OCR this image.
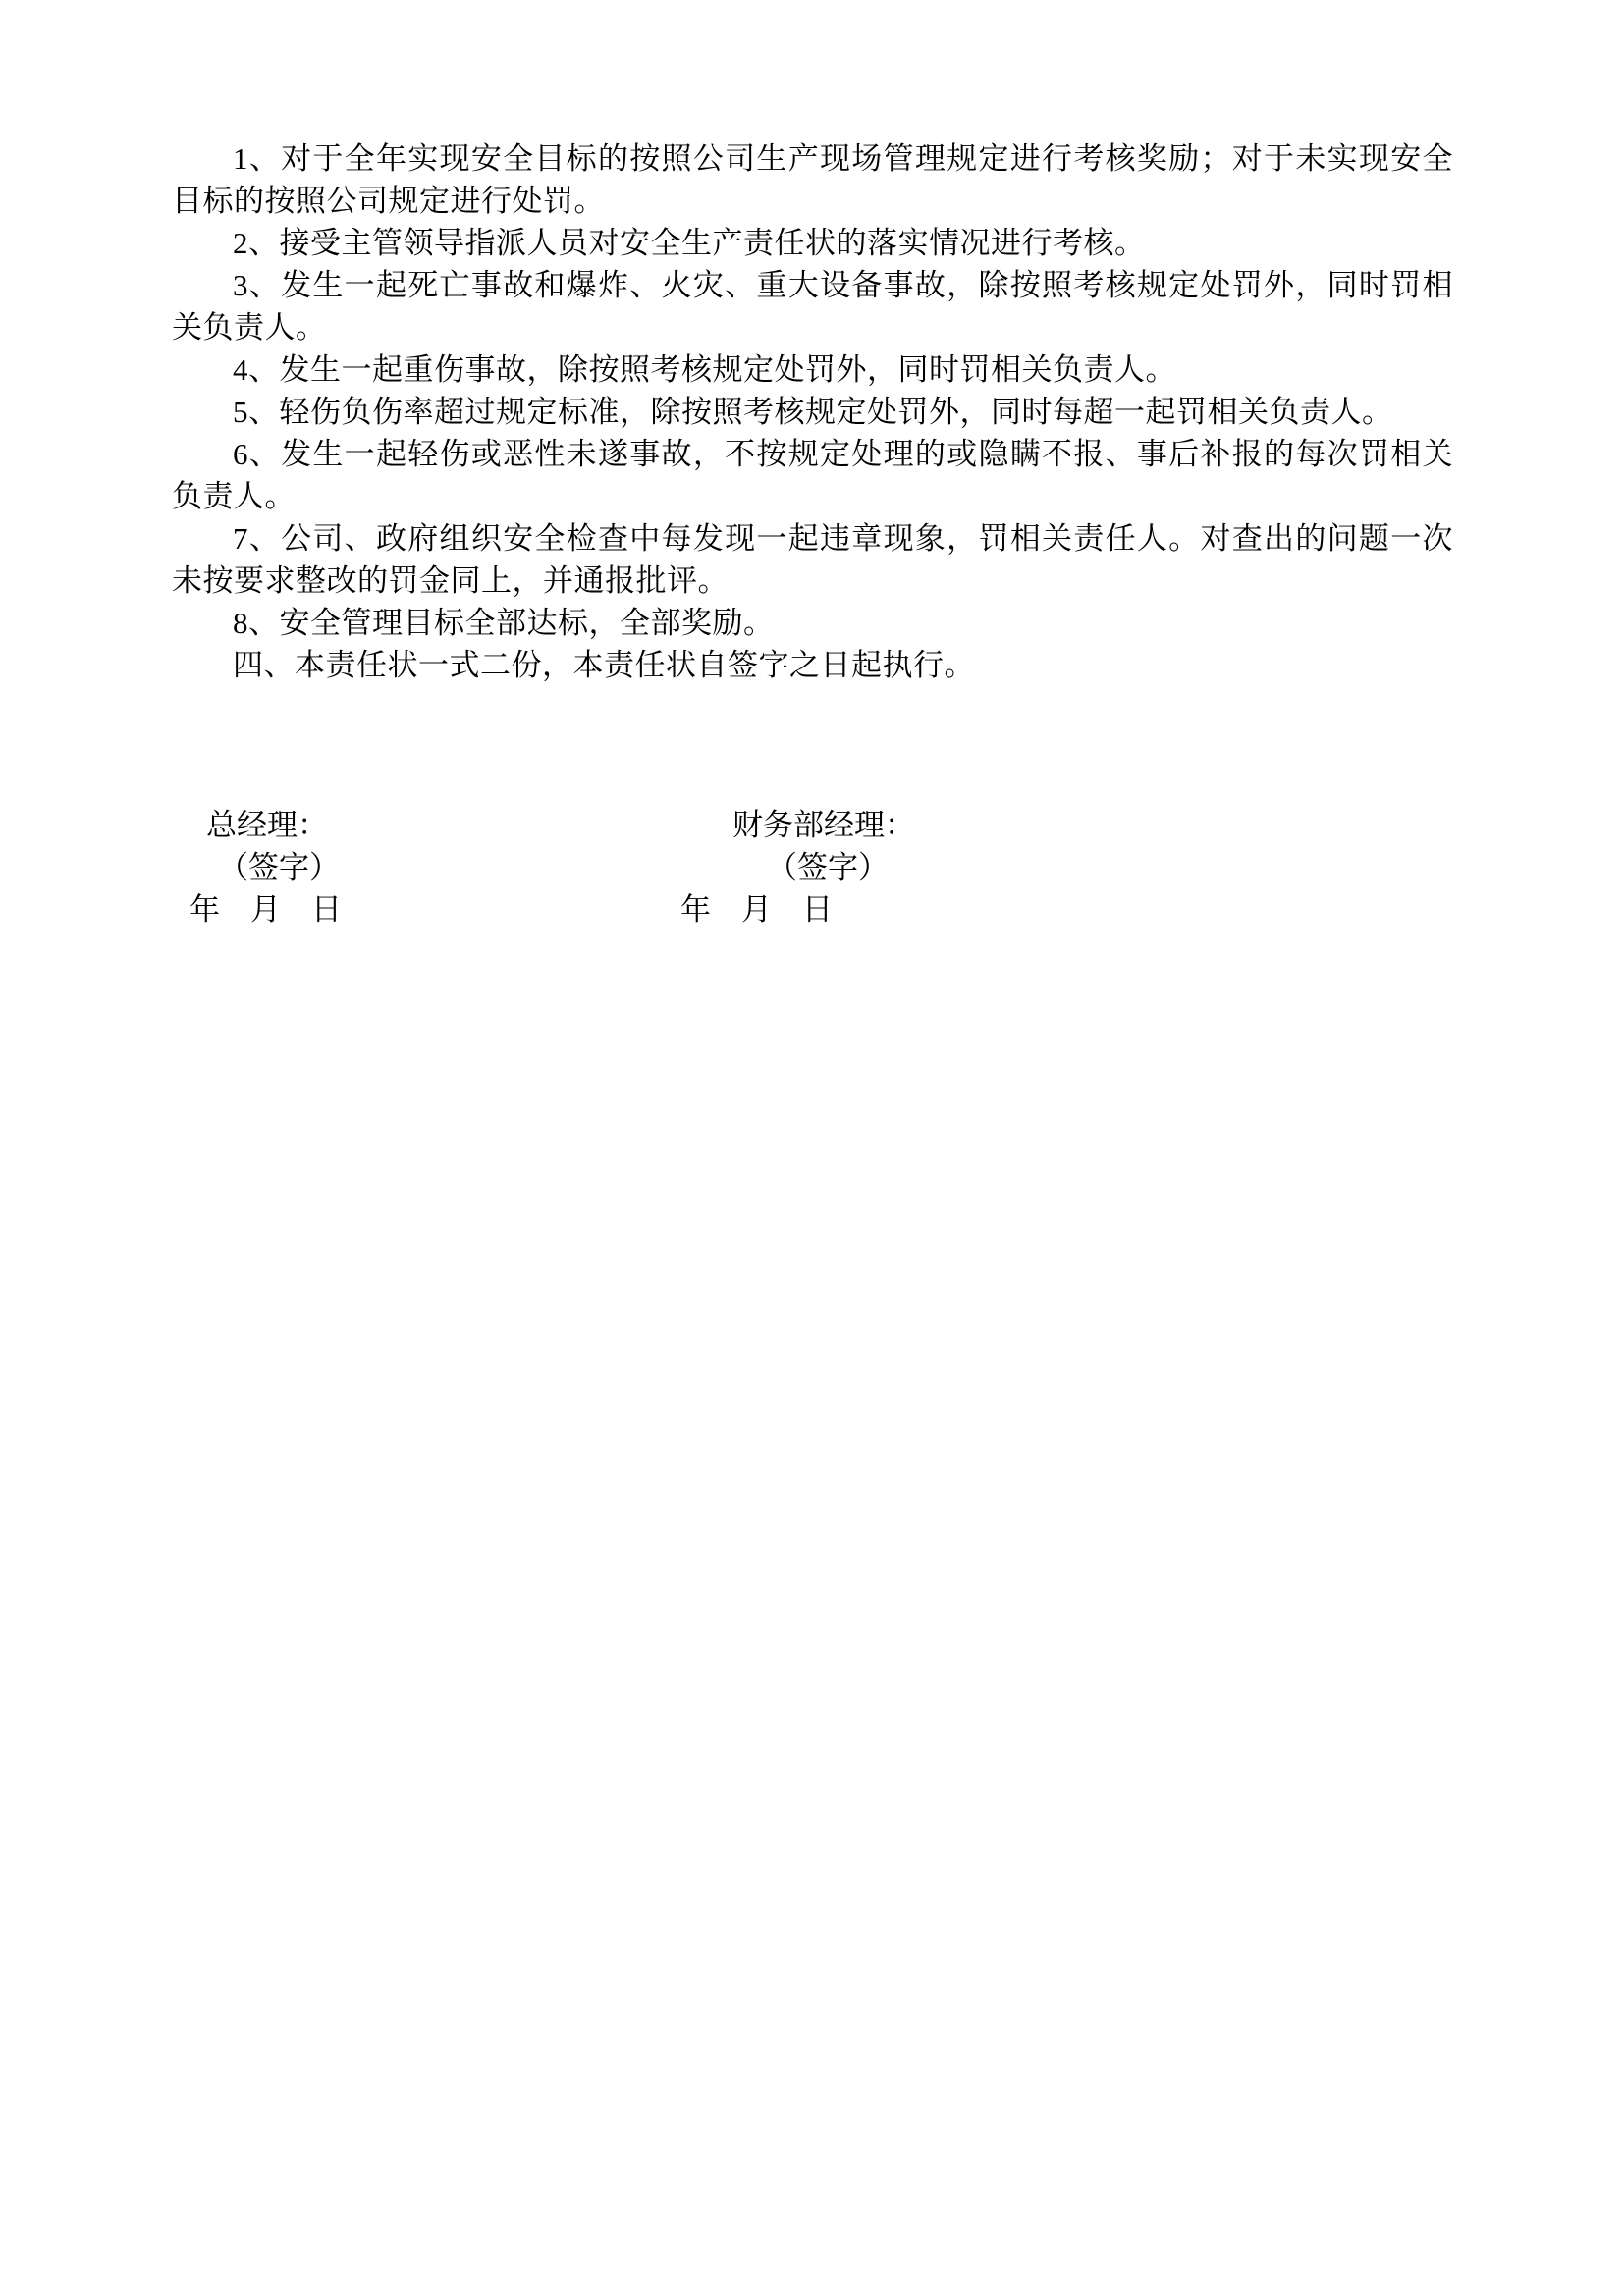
1、对于全年实现安全目标的按照公司生产现场管理规定进行考核奖励；对于未实现安全目标的按照公司规定进行处罚。

2、接受主管领导指派人员对安全生产责任状的落实情况进行考核。

3、发生一起死亡事故和爆炸、火灾、重大设备事故，除按照考核规定处罚外，同时罚相关负责人。

4、发生一起重伤事故，除按照考核规定处罚外，同时罚相关负责人。

5、轻伤负伤率超过规定标准，除按照考核规定处罚外，同时每超一起罚相关负责人。

6、发生一起轻伤或恶性未遂事故，不按规定处理的或隐瞒不报、事后补报的每次罚相关负责人。

7、公司、政府组织安全检查中每发现一起违章现象，罚相关责任人。对查出的问题一次未按要求整改的罚金同上，并通报批评。

8、安全管理目标全部达标，全部奖励。

四、本责任状一式二份，本责任状自签字之日起执行。

总经理：
（签字）
年　月　日
财务部经理：
（签字）
年　月　日
